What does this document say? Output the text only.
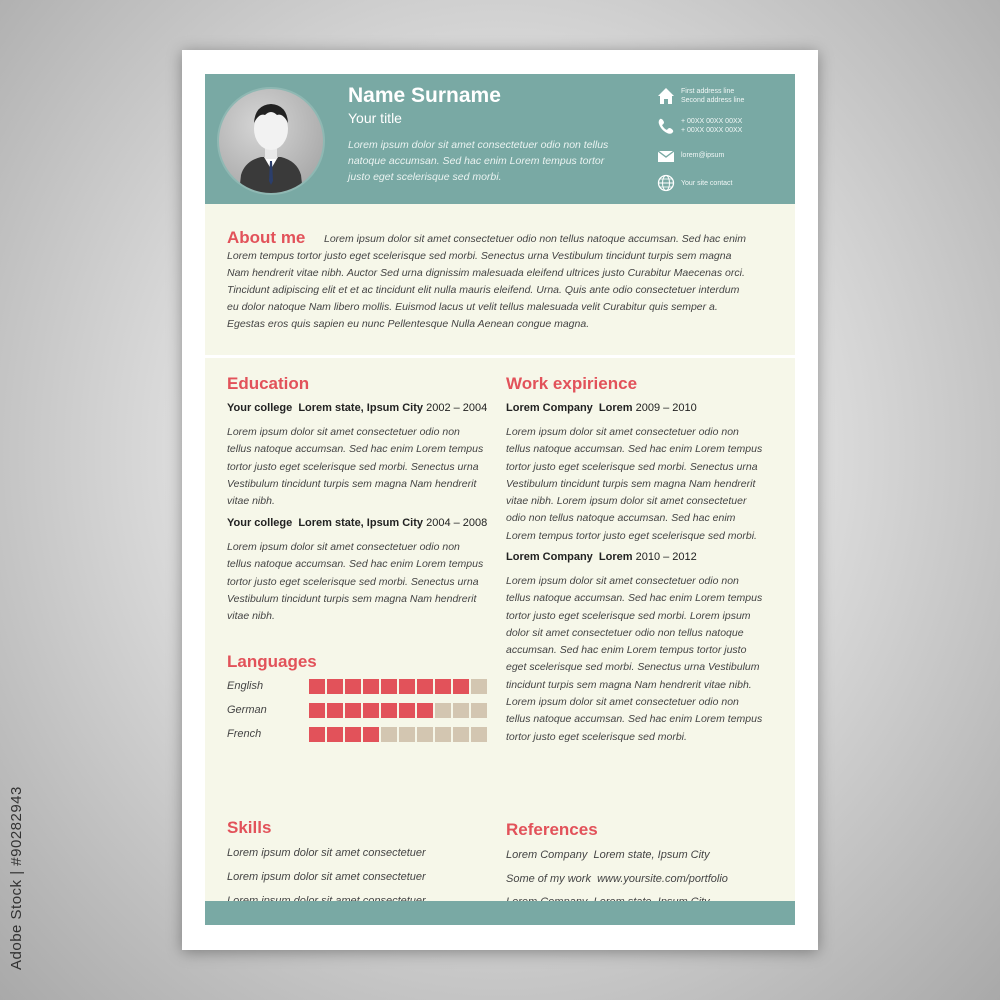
Adobe Stock | #90282943
Name Surname
Your title
Lorem ipsum dolor sit amet consectetuer odio non tellus natoque accumsan. Sed hac enim Lorem tempus tortor justo eget scelerisque sed morbi.
First address line
Second address line
+ 00XX 00XX 00XX
+ 00XX 00XX 00XX
lorem@ipsum
Your site contact
About me Lorem ipsum dolor sit amet consectetuer odio non tellus natoque accumsan. Sed hac enim
Lorem tempus tortor justo eget scelerisque sed morbi. Senectus urna Vestibulum tincidunt turpis sem magna
Nam hendrerit vitae nibh. Auctor Sed urna dignissim malesuada eleifend ultrices justo Curabitur Maecenas orci.
Tincidunt adipiscing elit et et ac tincidunt elit nulla mauris eleifend. Urna. Quis ante odio consectetuer interdum
eu dolor natoque Nam libero mollis. Euismod lacus ut velit tellus malesuada velit Curabitur quis semper a.
Egestas eros quis sapien eu nunc Pellentesque Nulla Aenean congue magna.
Education
Your college Lorem state, Ipsum City 2002 – 2004
Lorem ipsum dolor sit amet consectetuer odio non
tellus natoque accumsan. Sed hac enim Lorem tempus
tortor justo eget scelerisque sed morbi. Senectus urna
Vestibulum tincidunt turpis sem magna Nam hendrerit
vitae nibh.
Your college Lorem state, Ipsum City 2004 – 2008
Lorem ipsum dolor sit amet consectetuer odio non
tellus natoque accumsan. Sed hac enim Lorem tempus
tortor justo eget scelerisque sed morbi. Senectus urna
Vestibulum tincidunt turpis sem magna Nam hendrerit
vitae nibh.
Languages
English
German
French
Skills
Lorem ipsum dolor sit amet consectetuer
Lorem ipsum dolor sit amet consectetuer
Work expirience
Lorem Company Lorem 2009 – 2010
Lorem ipsum dolor sit amet consectetuer odio non
tellus natoque accumsan. Sed hac enim Lorem tempus
tortor justo eget scelerisque sed morbi. Senectus urna
Vestibulum tincidunt turpis sem magna Nam hendrerit
vitae nibh. Lorem ipsum dolor sit amet consectetuer
odio non tellus natoque accumsan. Sed hac enim
Lorem tempus tortor justo eget scelerisque sed morbi.
Lorem Company Lorem 2010 – 2012
Lorem ipsum dolor sit amet consectetuer odio non
tellus natoque accumsan. Sed hac enim Lorem tempus
tortor justo eget scelerisque sed morbi. Lorem ipsum
dolor sit amet consectetuer odio non tellus natoque
accumsan. Sed hac enim Lorem tempus tortor justo
eget scelerisque sed morbi. Senectus urna Vestibulum
tincidunt turpis sem magna Nam hendrerit vitae nibh.
Lorem ipsum dolor sit amet consectetuer odio non
tellus natoque accumsan. Sed hac enim Lorem tempus
tortor justo eget scelerisque sed morbi.
References
Lorem Company Lorem state, Ipsum City
Some of my work www.yoursite.com/portfolio
